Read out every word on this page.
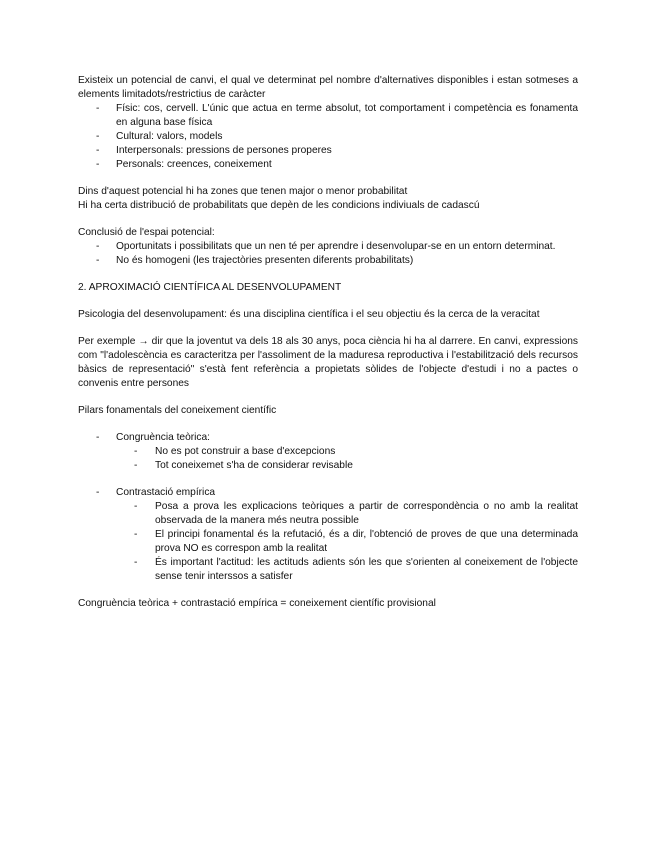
Existeix un potencial de canvi, el qual ve determinat pel nombre d'alternatives disponibles i estan sotmeses a elements limitadots/restrictius de caràcter

- Físic: cos, cervell. L'únic que actua en terme absolut, tot comportament i competència es fonamenta en alguna base física
- Cultural: valors, models
- Interpersonals: pressions de persones properes
- Personals: creences, coneixement

Dins d'aquest potencial hi ha zones que tenen major o menor probabilitat

Hi ha certa distribució de probabilitats que depèn de les condicions indiviuals de cadascú

Conclusió de l'espai potencial:

- Oportunitats i possibilitats que un nen té per aprendre i desenvolupar-se en un entorn determinat.
- No és homogeni (les trajectòries presenten diferents probabilitats)

2. APROXIMACIÓ CIENTÍFICA AL DESENVOLUPAMENT

Psicologia del desenvolupament: és una disciplina científica i el seu objectiu és la cerca de la veracitat

Per exemple → dir que la joventut va dels 18 als 30 anys, poca ciència hi ha al darrere. En canvi, expressions com "l'adolescència es caracteritza per l'assoliment de la maduresa reproductiva i l'estabilització dels recursos bàsics de representació" s'està fent referència a propietats sòlides de l'objecte d'estudi i no a pactes o convenis entre persones

Pilars fonamentals del coneixement científic

- Congruència teòrica:

- No es pot construir a base d'excepcions
- Tot coneixemet s'ha de considerar revisable

- Contrastació empírica

- Posa a prova les explicacions teòriques a partir de correspondència o no amb la realitat observada de la manera més neutra possible
- El principi fonamental és la refutació, és a dir, l'obtenció de proves de que una determinada prova NO es correspon amb la realitat
- És important l'actitud: les actituds adients són les que s'orienten al coneixement de l'objecte sense tenir interssos a satisfer

Congruència teòrica + contrastació empírica = coneixement científic provisional
